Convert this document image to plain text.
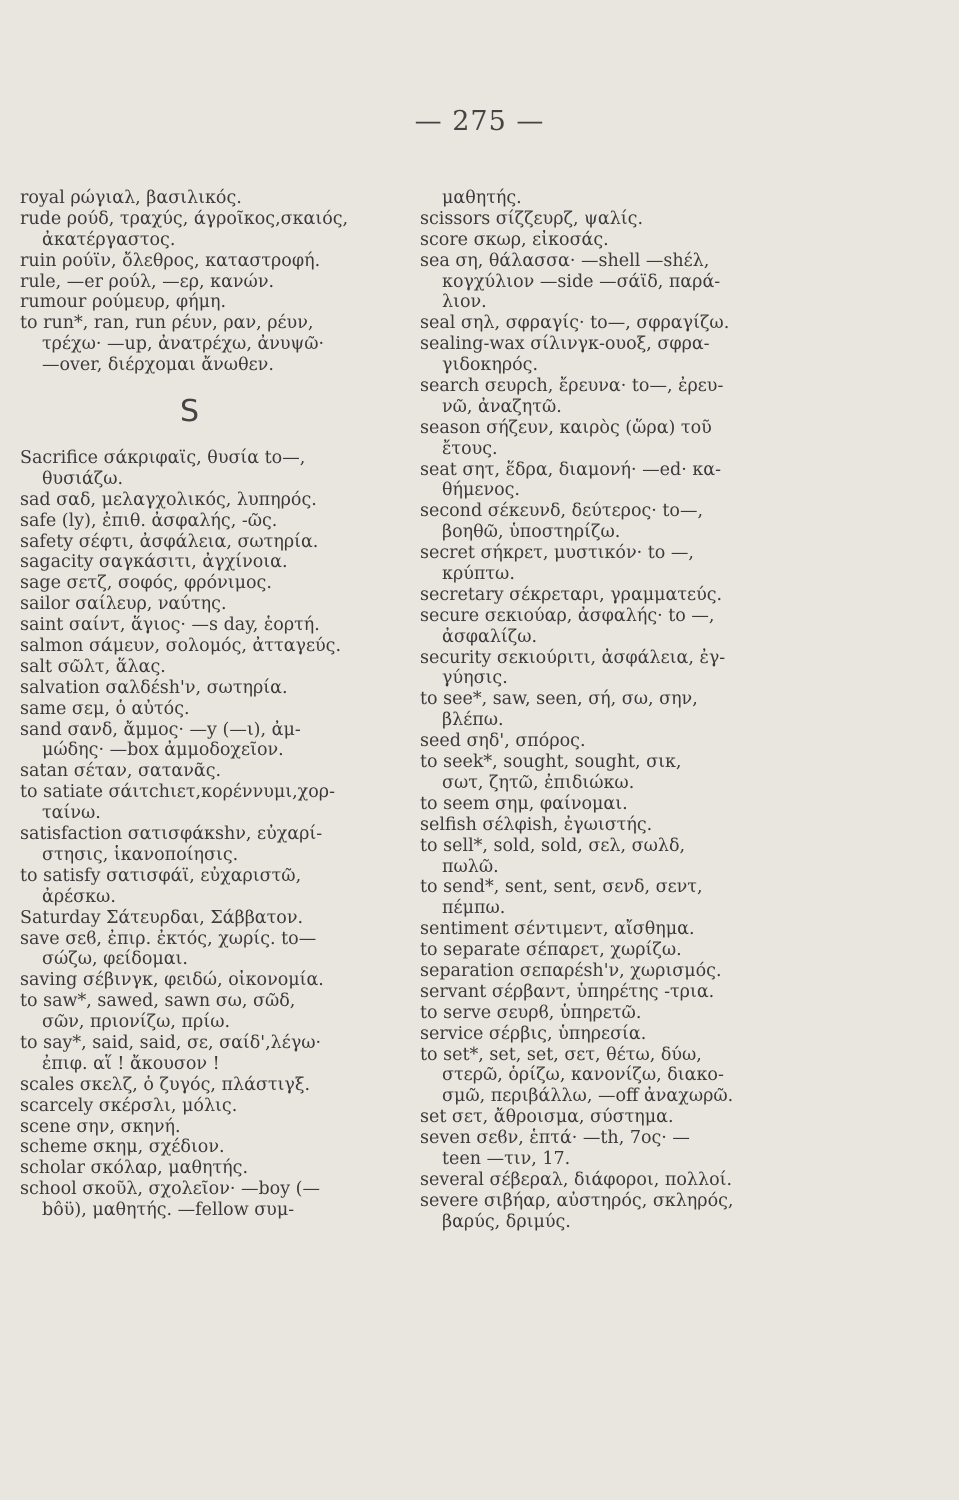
— 275 —
royal ρώγιαλ, βασιλικός.
rude ρούδ, τραχύς, άγροῖκος,σκαιός,
ἀκατέργαστος.
ruin ρούϊν, ὄλεθρος, καταστροφή.
rule, —er ρούλ, —ερ, κανών.
rumour ρούμευρ, φήμη.
to run*, ran, run ρέυν, ραν, ρέυν,
τρέχω· —up, ἀνατρέχω, ἀνυψῶ·
—over, διέρχομαι ἄνωθεν.
S
Sacrifice σάκριφαϊς, θυσία to—,
θυσιάζω.
sad σαδ, μελαγχολικός, λυπηρός.
safe (ly), ἐπιθ. ἀσφαλής, -ῶς.
safety σέφτι, ἀσφάλεια, σωτηρία.
sagacity σαγκάσιτι, ἀγχίνοια.
sage σετζ, σοφός, φρόνιμος.
sailor σαίλευρ, ναύτης.
saint σαίντ, ἅγιος· —s day, ἑορτή.
salmon σάμευν, σολομός, ἀτταγεύς.
salt σῶλτ, ἅλας.
salvation σαλδέsh'ν, σωτηρία.
same σεμ, ὁ αὐτός.
sand σανδ, ἄμμος· —y (—ι), ἀμ-
μώδης· —box ἀμμοδοχεῖον.
satan σέταν, σατανᾶς.
to satiate σάιτchιετ,κορέννυμι,χορ-
ταίνω.
satisfaction σατισφάκshν, εὐχαρί-
στησις, ἱκανοποίησις.
to satisfy σατισφάϊ, εὐχαριστῶ,
ἀρέσκω.
Saturday Σάτευρδαι, Σάββατον.
save σεϐ, ἐπιρ. ἐκτός, χωρίς. to—
σώζω, φείδομαι.
saving σέβινγκ, φειδώ, οἰκονομία.
to saw*, sawed, sawn σω, σῶδ,
σῶν, πριονίζω, πρίω.
to say*, said, said, σε, σαίδ',λέγω·
ἐπιφ. αἵ ! ἄκουσον !
scales σκελζ, ὁ ζυγός, πλάστιγξ.
scarcely σκέρσλι, μόλις.
scene σην, σκηνή.
scheme σκημ, σχέδιον.
scholar σκόλαρ, μαθητής.
school σκοῦλ, σχολεῖον· —boy (—
bôϋ), μαθητής. —fellow συμ-
μαθητής.
scissors σίζζευρζ, ψαλίς.
score σκωρ, εἰκοσάς.
sea ση, θάλασσα· —shell —shέλ,
κογχύλιον —side —σάϊδ, παρά-
λιον.
seal σηλ, σφραγίς· to—, σφραγίζω.
sealing-wax σίλινγκ-ουοξ, σφρα-
γιδοκηρός.
search σευρch, ἔρευνα· to—, ἐρευ-
νῶ, ἀναζητῶ.
season σήζευν, καιρὸς (ὥρα) τοῦ
ἔτους.
seat σητ, ἕδρα, διαμονή· —ed· κα-
θήμενος.
second σέκευνδ, δεύτερος· to—,
βοηθῶ, ὑποστηρίζω.
secret σήκρετ, μυστικόν· to —,
κρύπτω.
secretary σέκρεταρι, γραμματεύς.
secure σεκιούαρ, ἀσφαλής· to —,
ἀσφαλίζω.
security σεκιούριτι, ἀσφάλεια, ἐγ-
γύησις.
to see*, saw, seen, σή, σω, σην,
βλέπω.
seed σηδ', σπόρος.
to seek*, sought, sought, σικ,
σωτ, ζητῶ, ἐπιδιώκω.
to seem σημ, φαίνομαι.
selfish σέλφish, ἐγωιστής.
to sell*, sold, sold, σελ, σωλδ,
πωλῶ.
to send*, sent, sent, σενδ, σεντ,
πέμπω.
sentiment σέντιμεντ, αἴσθημα.
to separate σέπαρετ, χωρίζω.
separation σεπαρέsh'ν, χωρισμός.
servant σέρβαντ, ὑπηρέτης -τρια.
to serve σευρϐ, ὑπηρετῶ.
service σέρβις, ὑπηρεσία.
to set*, set, set, σετ, θέτω, δύω,
στερῶ, ὁρίζω, κανονίζω, διακο-
σμῶ, περιβάλλω, —off ἀναχωρῶ.
set σετ, ἄθροισμα, σύστημα.
seven σεϐν, ἑπτά· —th, 7ος· —
teen —τιν, 17.
several σέβεραλ, διάφοροι, πολλοί.
severe σιβήαρ, αὐστηρός, σκληρός,
βαρύς, δριμύς.
